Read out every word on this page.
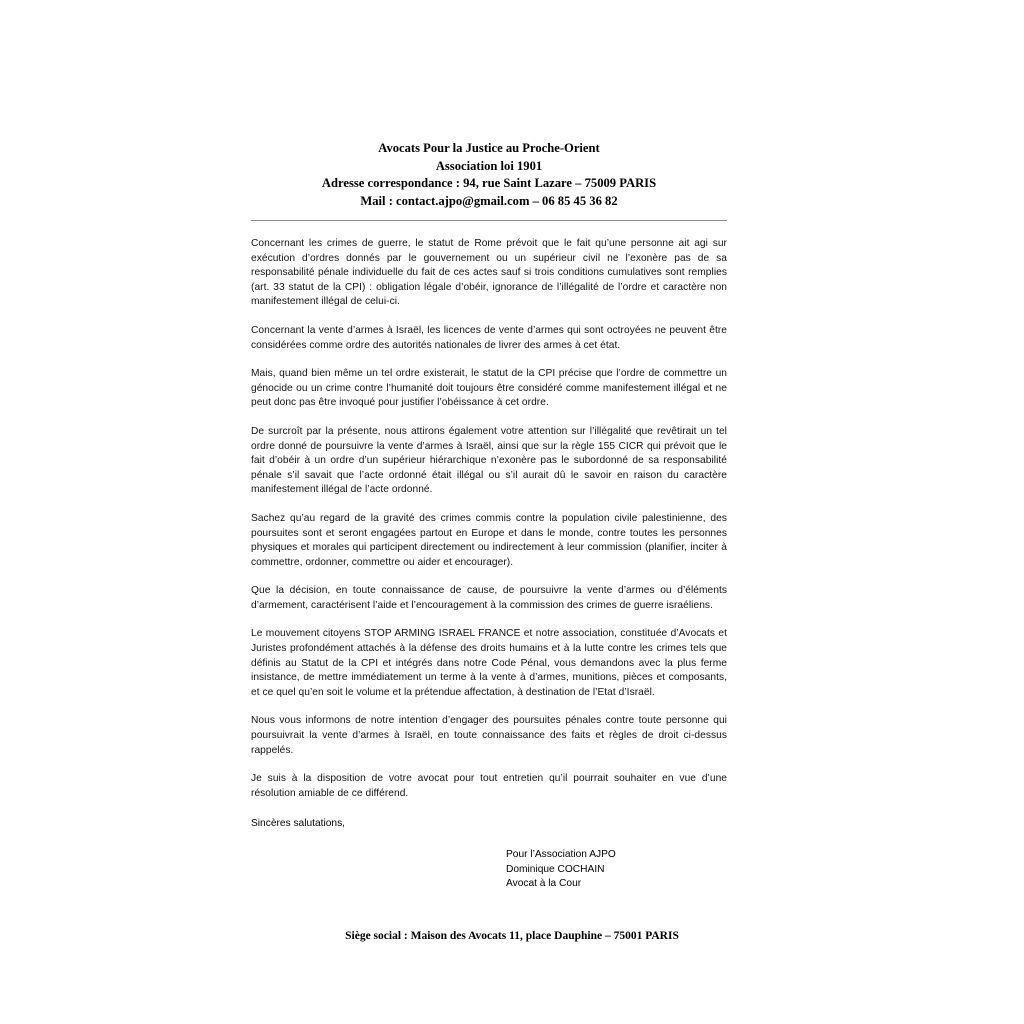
Avocats Pour la Justice au Proche-Orient
Association loi 1901
Adresse correspondance : 94, rue Saint Lazare – 75009 PARIS
Mail : contact.ajpo@gmail.com – 06 85 45 36 82

Concernant les crimes de guerre, le statut de Rome prévoit que le fait qu’une personne ait agi sur exécution d’ordres donnés par le gouvernement ou un supérieur civil ne l’exonère pas de sa responsabilité pénale individuelle du fait de ces actes sauf si trois conditions cumulatives sont remplies (art. 33 statut de la CPI) : obligation légale d’obéir, ignorance de l’illégalité de l’ordre et caractère non manifestement illégal de celui-ci.

Concernant la vente d’armes à Israël, les licences de vente d’armes qui sont octroyées ne peuvent être considérées comme ordre des autorités nationales de livrer des armes à cet état.

Mais, quand bien même un tel ordre existerait, le statut de la CPI précise que l’ordre de commettre un génocide ou un crime contre l’humanité doit toujours être considéré comme manifestement illégal et ne peut donc pas être invoqué pour justifier l’obéissance à cet ordre.

De surcroît par la présente, nous attirons également votre attention sur l’illégalité que revêtirait un tel ordre donné de poursuivre la vente d’armes à Israël, ainsi que sur la règle 155 CICR qui prévoit que le fait d’obéir à un ordre d’un supérieur hiérarchique n’exonère pas le subordonné de sa responsabilité pénale s’il savait que l’acte ordonné était illégal ou s’il aurait dû le savoir en raison du caractère manifestement illégal de l’acte ordonné.

Sachez qu’au regard de la gravité des crimes commis contre la population civile palestinienne, des poursuites sont et seront engagées partout en Europe et dans le monde, contre toutes les personnes physiques et morales qui participent directement ou indirectement à leur commission (planifier, inciter à commettre, ordonner, commettre ou aider et encourager).

Que la décision, en toute connaissance de cause, de poursuivre la vente d’armes ou d’éléments d’armement, caractérisent l’aide et l’encouragement à la commission des crimes de guerre israéliens.

Le mouvement citoyens STOP ARMING ISRAEL FRANCE et notre association, constituée d’Avocats et Juristes profondément attachés à la défense des droits humains et à la lutte contre les crimes tels que définis au Statut de la CPI et intégrés dans notre Code Pénal, vous demandons avec la plus ferme insistance, de mettre immédiatement un terme à la vente à d’armes, munitions, pièces et composants, et ce quel qu’en soit le volume et la prétendue affectation, à destination de l’Etat d’Israël.

Nous vous informons de notre intention d’engager des poursuites pénales contre toute personne qui poursuivrait la vente d’armes à Israël, en toute connaissance des faits et règles de droit ci-dessus rappelés.

Je suis à la disposition de votre avocat pour tout entretien qu’il pourrait souhaiter en vue d’une résolution amiable de ce différend.

Sincères salutations,
Pour l’Association AJPO
Dominique COCHAIN
Avocat à la Cour
Siège social : Maison des Avocats 11, place Dauphine – 75001 PARIS
